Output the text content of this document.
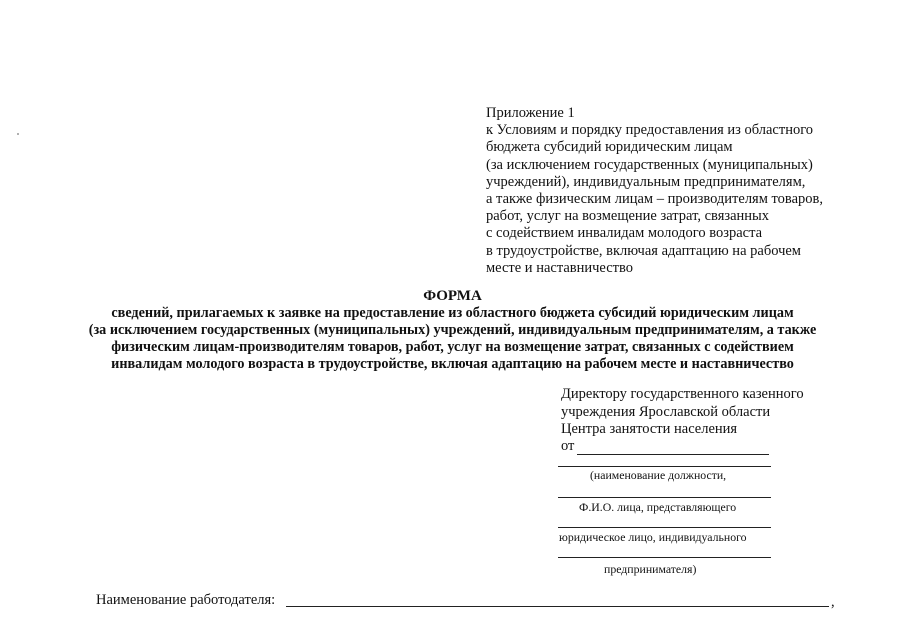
Приложение 1
к Условиям и порядку предоставления из областного
бюджета субсидий юридическим лицам
(за исключением государственных (муниципальных)
учреждений), индивидуальным предпринимателям,
а также физическим лицам – производителям товаров,
работ, услуг на возмещение затрат, связанных
с содействием инвалидам молодого возраста
в трудоустройстве, включая адаптацию на рабочем
месте и наставничество
ФОРМА
сведений, прилагаемых к заявке на предоставление из областного бюджета субсидий юридическим лицам
(за исключением государственных (муниципальных) учреждений, индивидуальным предпринимателям, а также
физическим лицам-производителям товаров, работ, услуг на возмещение затрат, связанных с содействием
инвалидам молодого возраста в трудоустройстве, включая адаптацию на рабочем месте и наставничество
Директору государственного казенного
учреждения Ярославской области
Центра занятости населения
от
(наименование должности,
Ф.И.О. лица, представляющего
юридическое лицо, индивидуального
предпринимателя)
Наименование работодателя:	,
